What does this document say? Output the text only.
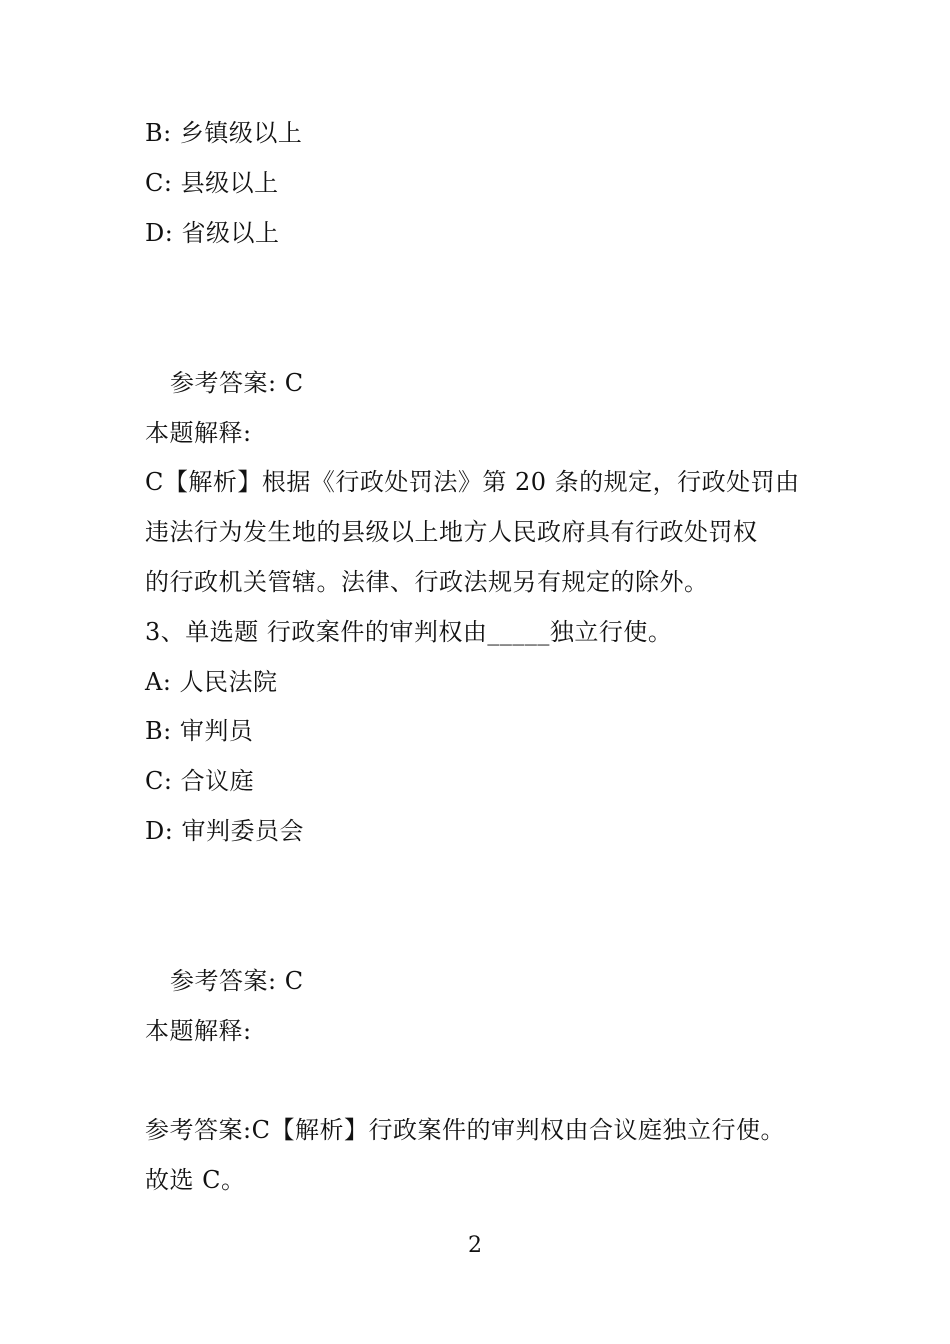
B: 乡镇级以上
C: 县级以上
D: 省级以上
参考答案: C
本题解释:
C【解析】根据《行政处罚法》第 20 条的规定，行政处罚由
违法行为发生地的县级以上地方人民政府具有行政处罚权
的行政机关管辖。法律、行政法规另有规定的除外。
3、单选题 行政案件的审判权由_____独立行使。
A: 人民法院
B: 审判员
C: 合议庭
D: 审判委员会
参考答案: C
本题解释:
参考答案:C【解析】行政案件的审判权由合议庭独立行使。
故选 C。
2
